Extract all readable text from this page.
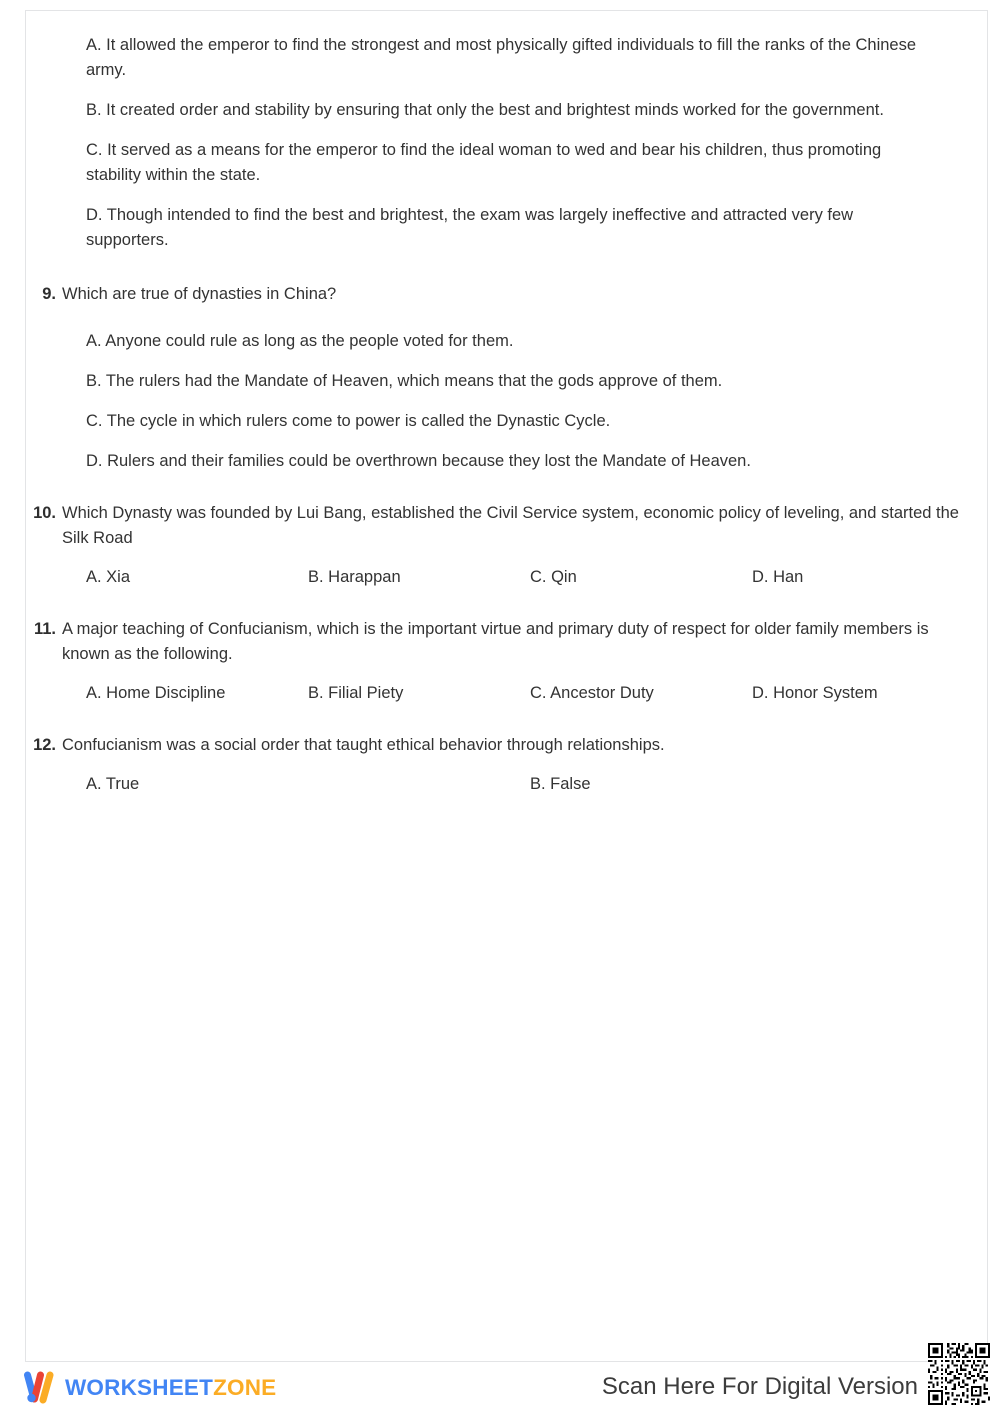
A. It allowed the emperor to find the strongest and most physically gifted individuals to fill the ranks of the Chinese army.

B. It created order and stability by ensuring that only the best and brightest minds worked for the government.

C. It served as a means for the emperor to find the ideal woman to wed and bear his children, thus promoting stability within the state.

D. Though intended to find the best and brightest, the exam was largely ineffective and attracted very few supporters.

9. Which are true of dynasties in China?

A. Anyone could rule as long as the people voted for them.

B. The rulers had the Mandate of Heaven, which means that the gods approve of them.

C. The cycle in which rulers come to power is called the Dynastic Cycle.

D. Rulers and their families could be overthrown because they lost the Mandate of Heaven.

10. Which Dynasty was founded by Lui Bang, established the Civil Service system, economic policy of leveling, and started the Silk Road

A. Xia	B. Harappan	C. Qin	D. Han
11. A major teaching of Confucianism, which is the important virtue and primary duty of respect for older family members is known as the following.

A. Home Discipline	B. Filial Piety	C. Ancestor Duty	D. Honor System
12. Confucianism was a social order that taught ethical behavior through relationships.

A. True	B. False
WORKSHEETZONE	Scan Here For Digital Version
